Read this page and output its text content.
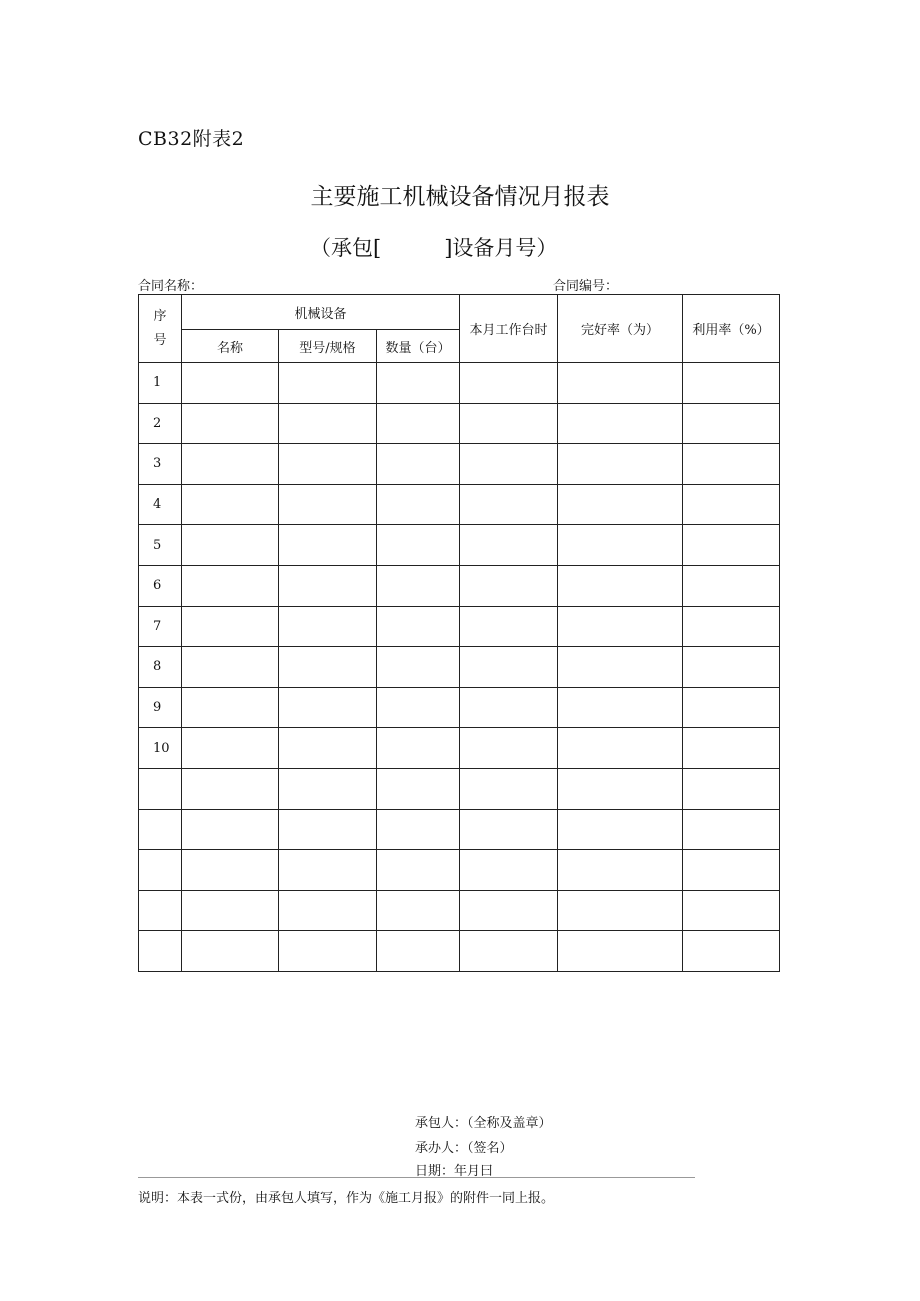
CB32附表2
主要施工机械设备情况月报表
（承包[　　　]设备月号）
合同名称：	合同编号：
序号	机械设备			本月工作台时	完好率（为）	利用率（%）
	名称	型号/规格	数量（台）			
1						
2						
3						
4						
5						
6						
7						
8						
9						
10						

承包人：（全称及盖章）
承办人：（签名）
日期：年月曰
说明：本表一式份，由承包人填写，作为《施工月报》的附件一同上报。
